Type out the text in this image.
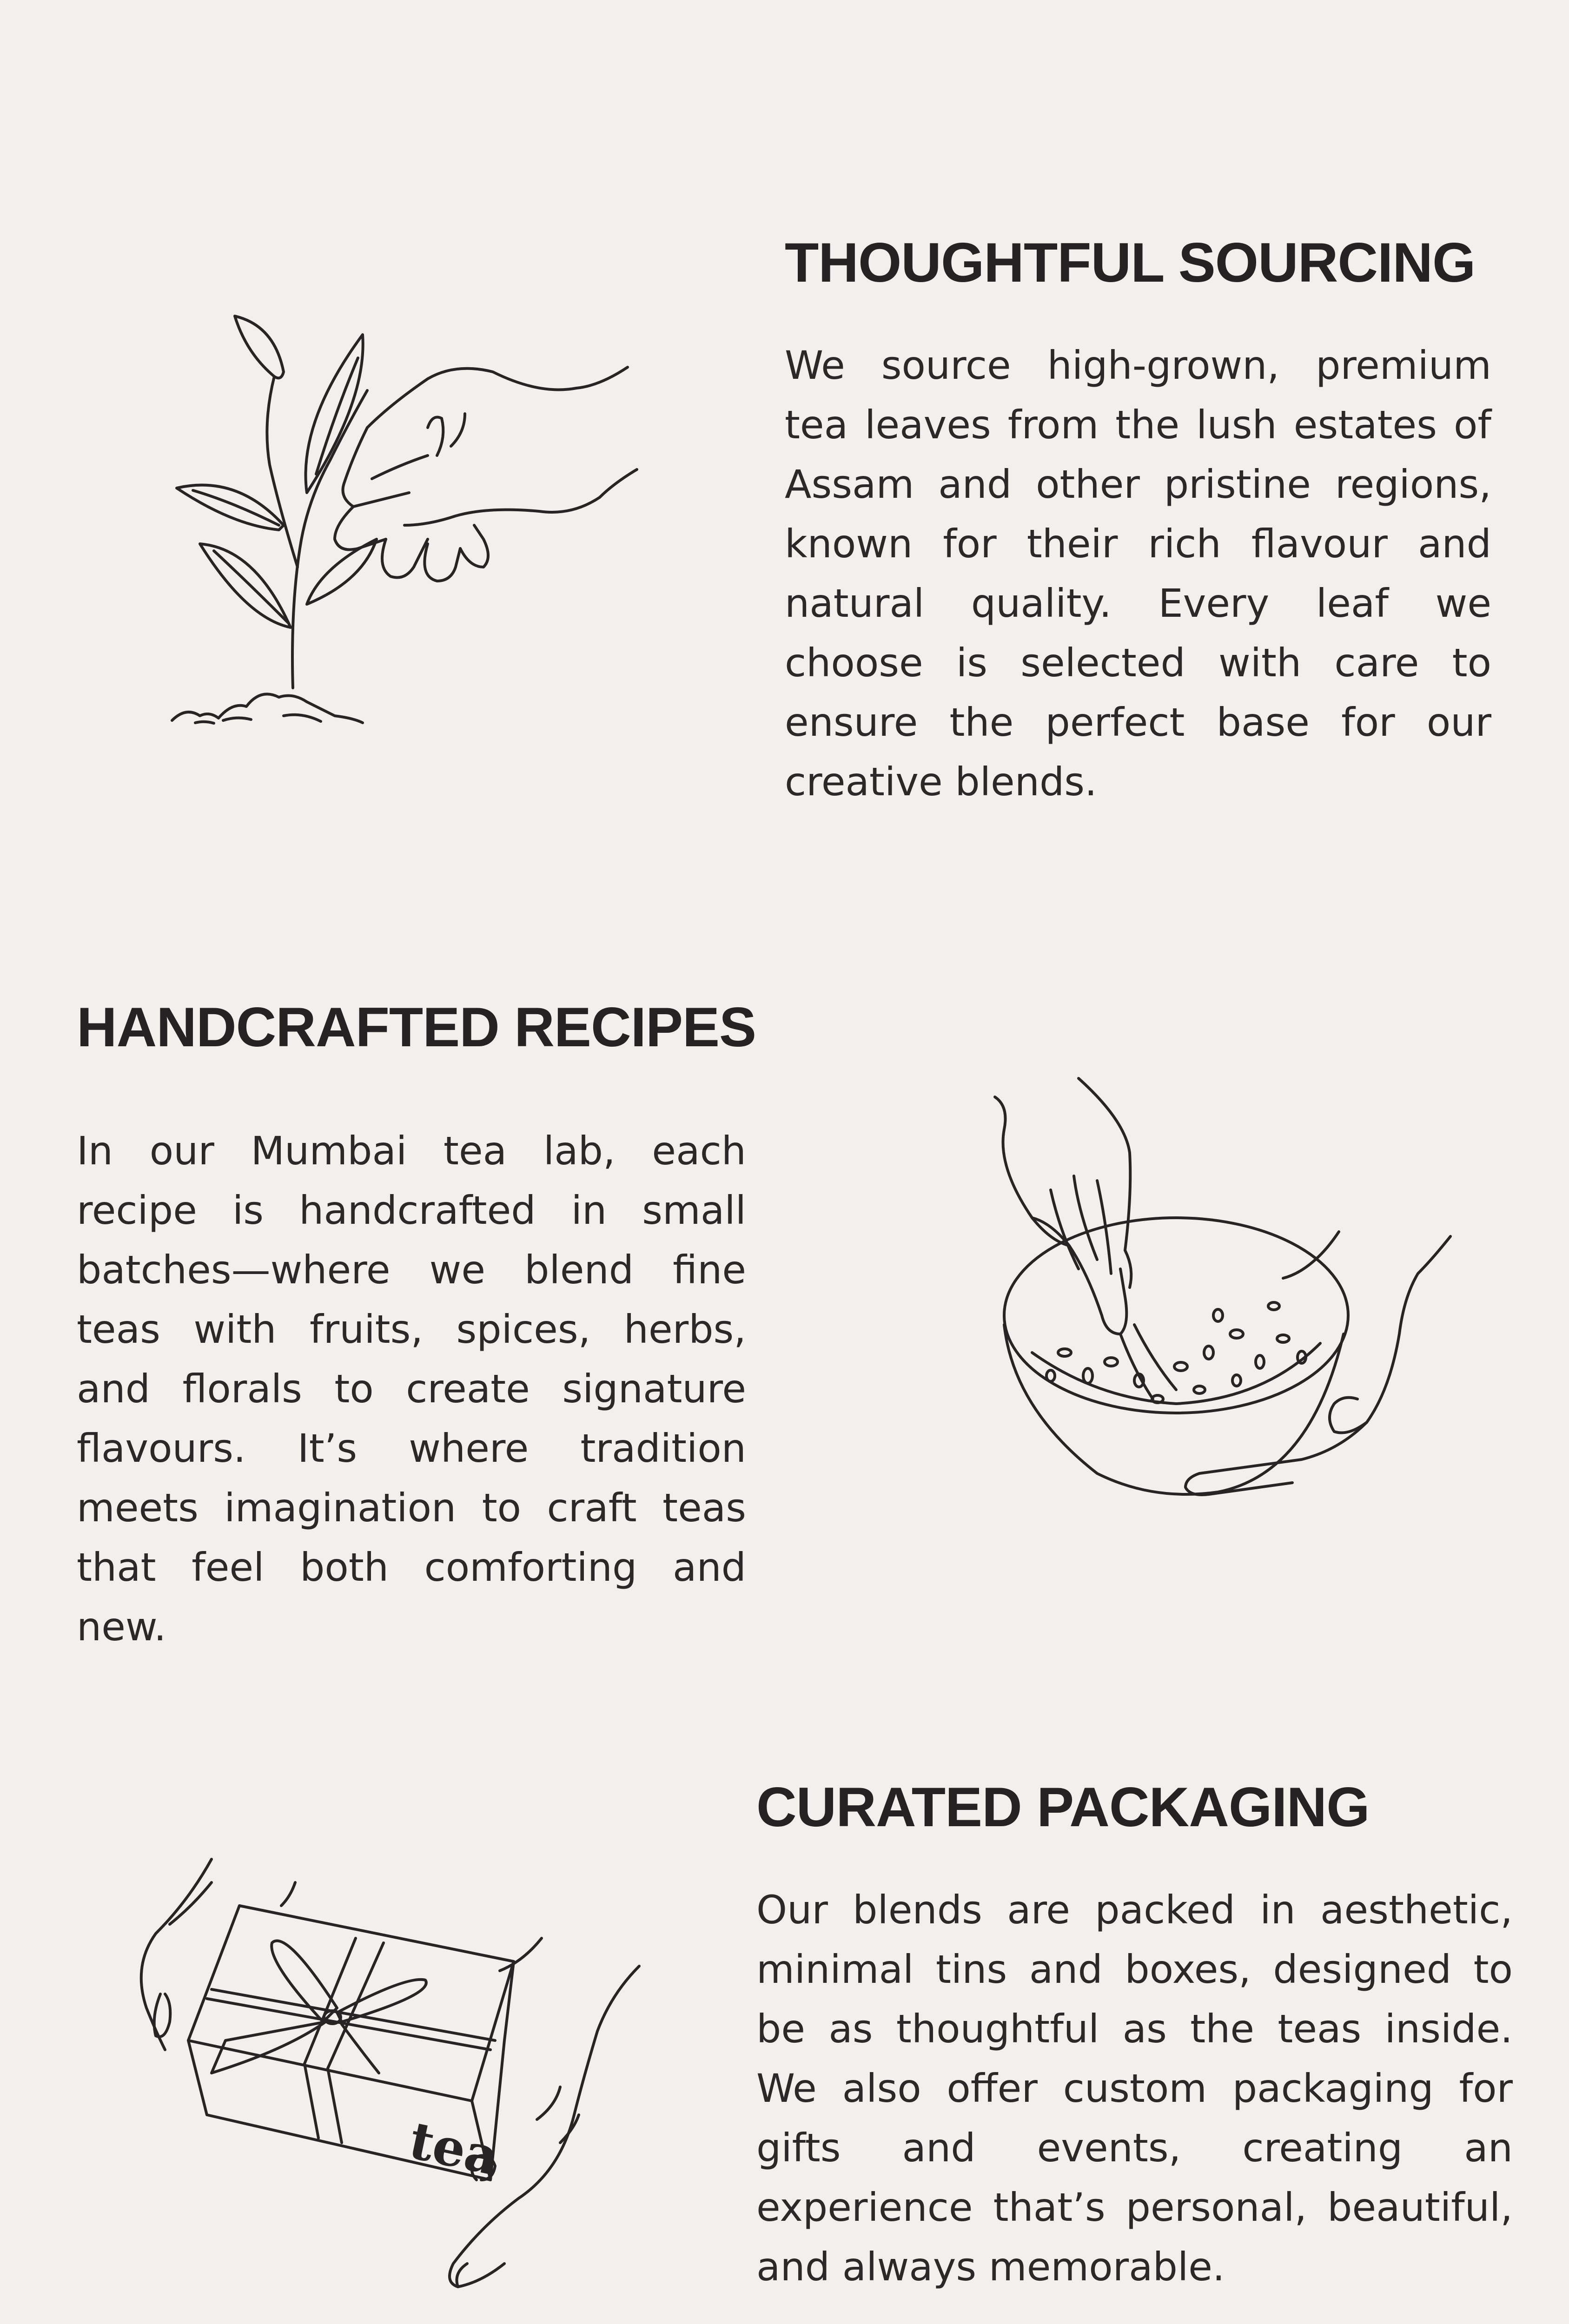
THOUGHTFUL SOURCING

We source high-grown, premium tea leaves from the lush estates of Assam and other pristine regions, known for their rich flavour and natural quality. Every leaf we choose is selected with care to ensure the perfect base for our creative blends.

HANDCRAFTED RECIPES

In our Mumbai tea lab, each recipe is handcrafted in small batches—where we blend fine teas with fruits, spices, herbs, and florals to create signature flavours. It’s where tradition meets imagination to craft teas that feel both comforting and new.

tea
CURATED PACKAGING

Our blends are packed in aesthetic, minimal tins and boxes, designed to be as thoughtful as the teas inside. We also offer custom packaging for gifts and events, creating an experience that’s personal, beautiful, and always memorable.
